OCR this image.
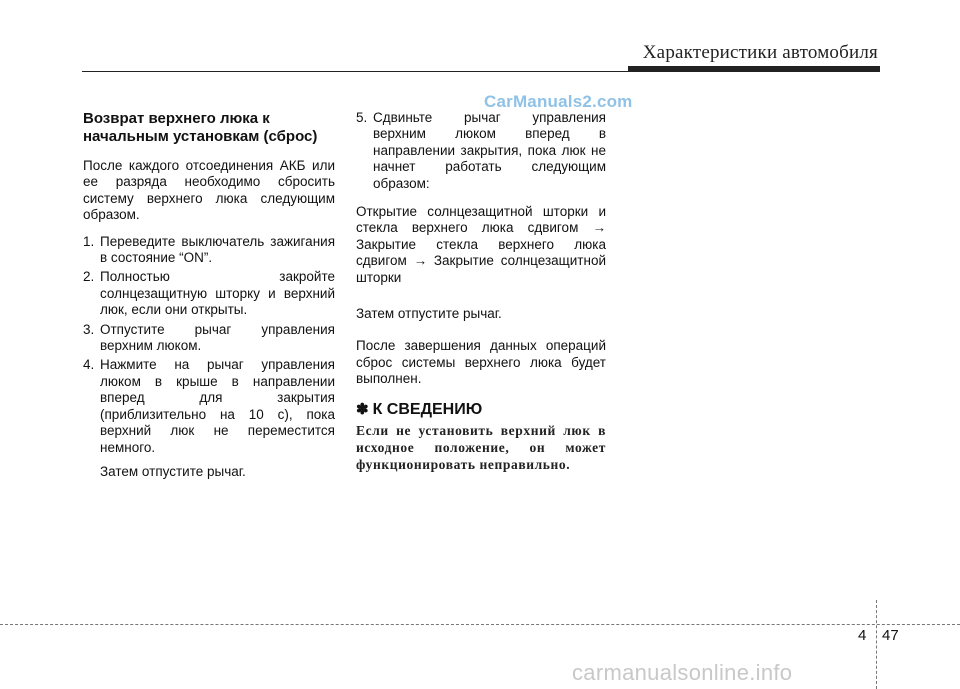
Характеристики автомобиля
CarManuals2.com
Возврат верхнего люка к начальным установкам (сброс)
После каждого отсоединения АКБ или ее разряда необходимо сбросить систему верхнего люка следующим образом.
1. Переведите выключатель зажигания в состояние “ON”.
2. Полностью закройте солнцезащитную шторку и верхний люк, если они открыты.
3. Отпустите рычаг управления верхним люком.
4. Нажмите на рычаг управления люком в крыше в направлении вперед для закрытия (приблизительно на 10 с), пока верхний люк не переместится немного.
Затем отпустите рычаг.
5. Сдвиньте рычаг управления верхним люком вперед в направлении закрытия, пока люк не начнет работать следующим образом:
Открытие солнцезащитной шторки и стекла верхнего люка сдвигом → Закрытие стекла верхнего люка сдвигом → Закрытие солнцезащитной шторки
Затем отпустите рычаг.
После завершения данных операций сброс системы верхнего люка будет выполнен.
✽ К СВЕДЕНИЮ
Если не установить верхний люк в исходное положение, он может функционировать неправильно.
4 47
carmanualsonline.info
